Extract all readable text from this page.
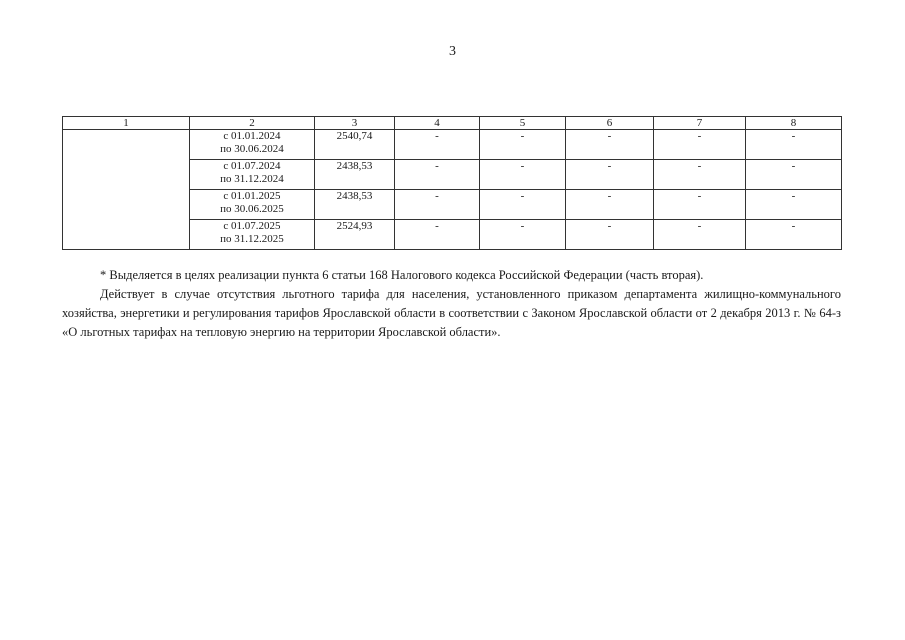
3
1	2	3	4	5	6	7	8

	с 01.01.2024
по 30.06.2024	2540,74	-	-	-	-	-

	с 01.07.2024
по 31.12.2024	2438,53	-	-	-	-	-

	с 01.01.2025
по 30.06.2025	2438,53	-	-	-	-	-

	с 01.07.2025
по 31.12.2025	2524,93	-	-	-	-	-

* Выделяется в целях реализации пункта 6 статьи 168 Налогового кодекса Российской Федерации (часть вторая).

Действует в случае отсутствия льготного тарифа для населения, установленного приказом департамента жилищно-коммунального хозяйства, энергетики и регулирования тарифов Ярославской области в соответствии с Законом Ярославской области от 2 декабря 2013 г. № 64-з «О льготных тарифах на тепловую энергию на территории Ярославской области».
